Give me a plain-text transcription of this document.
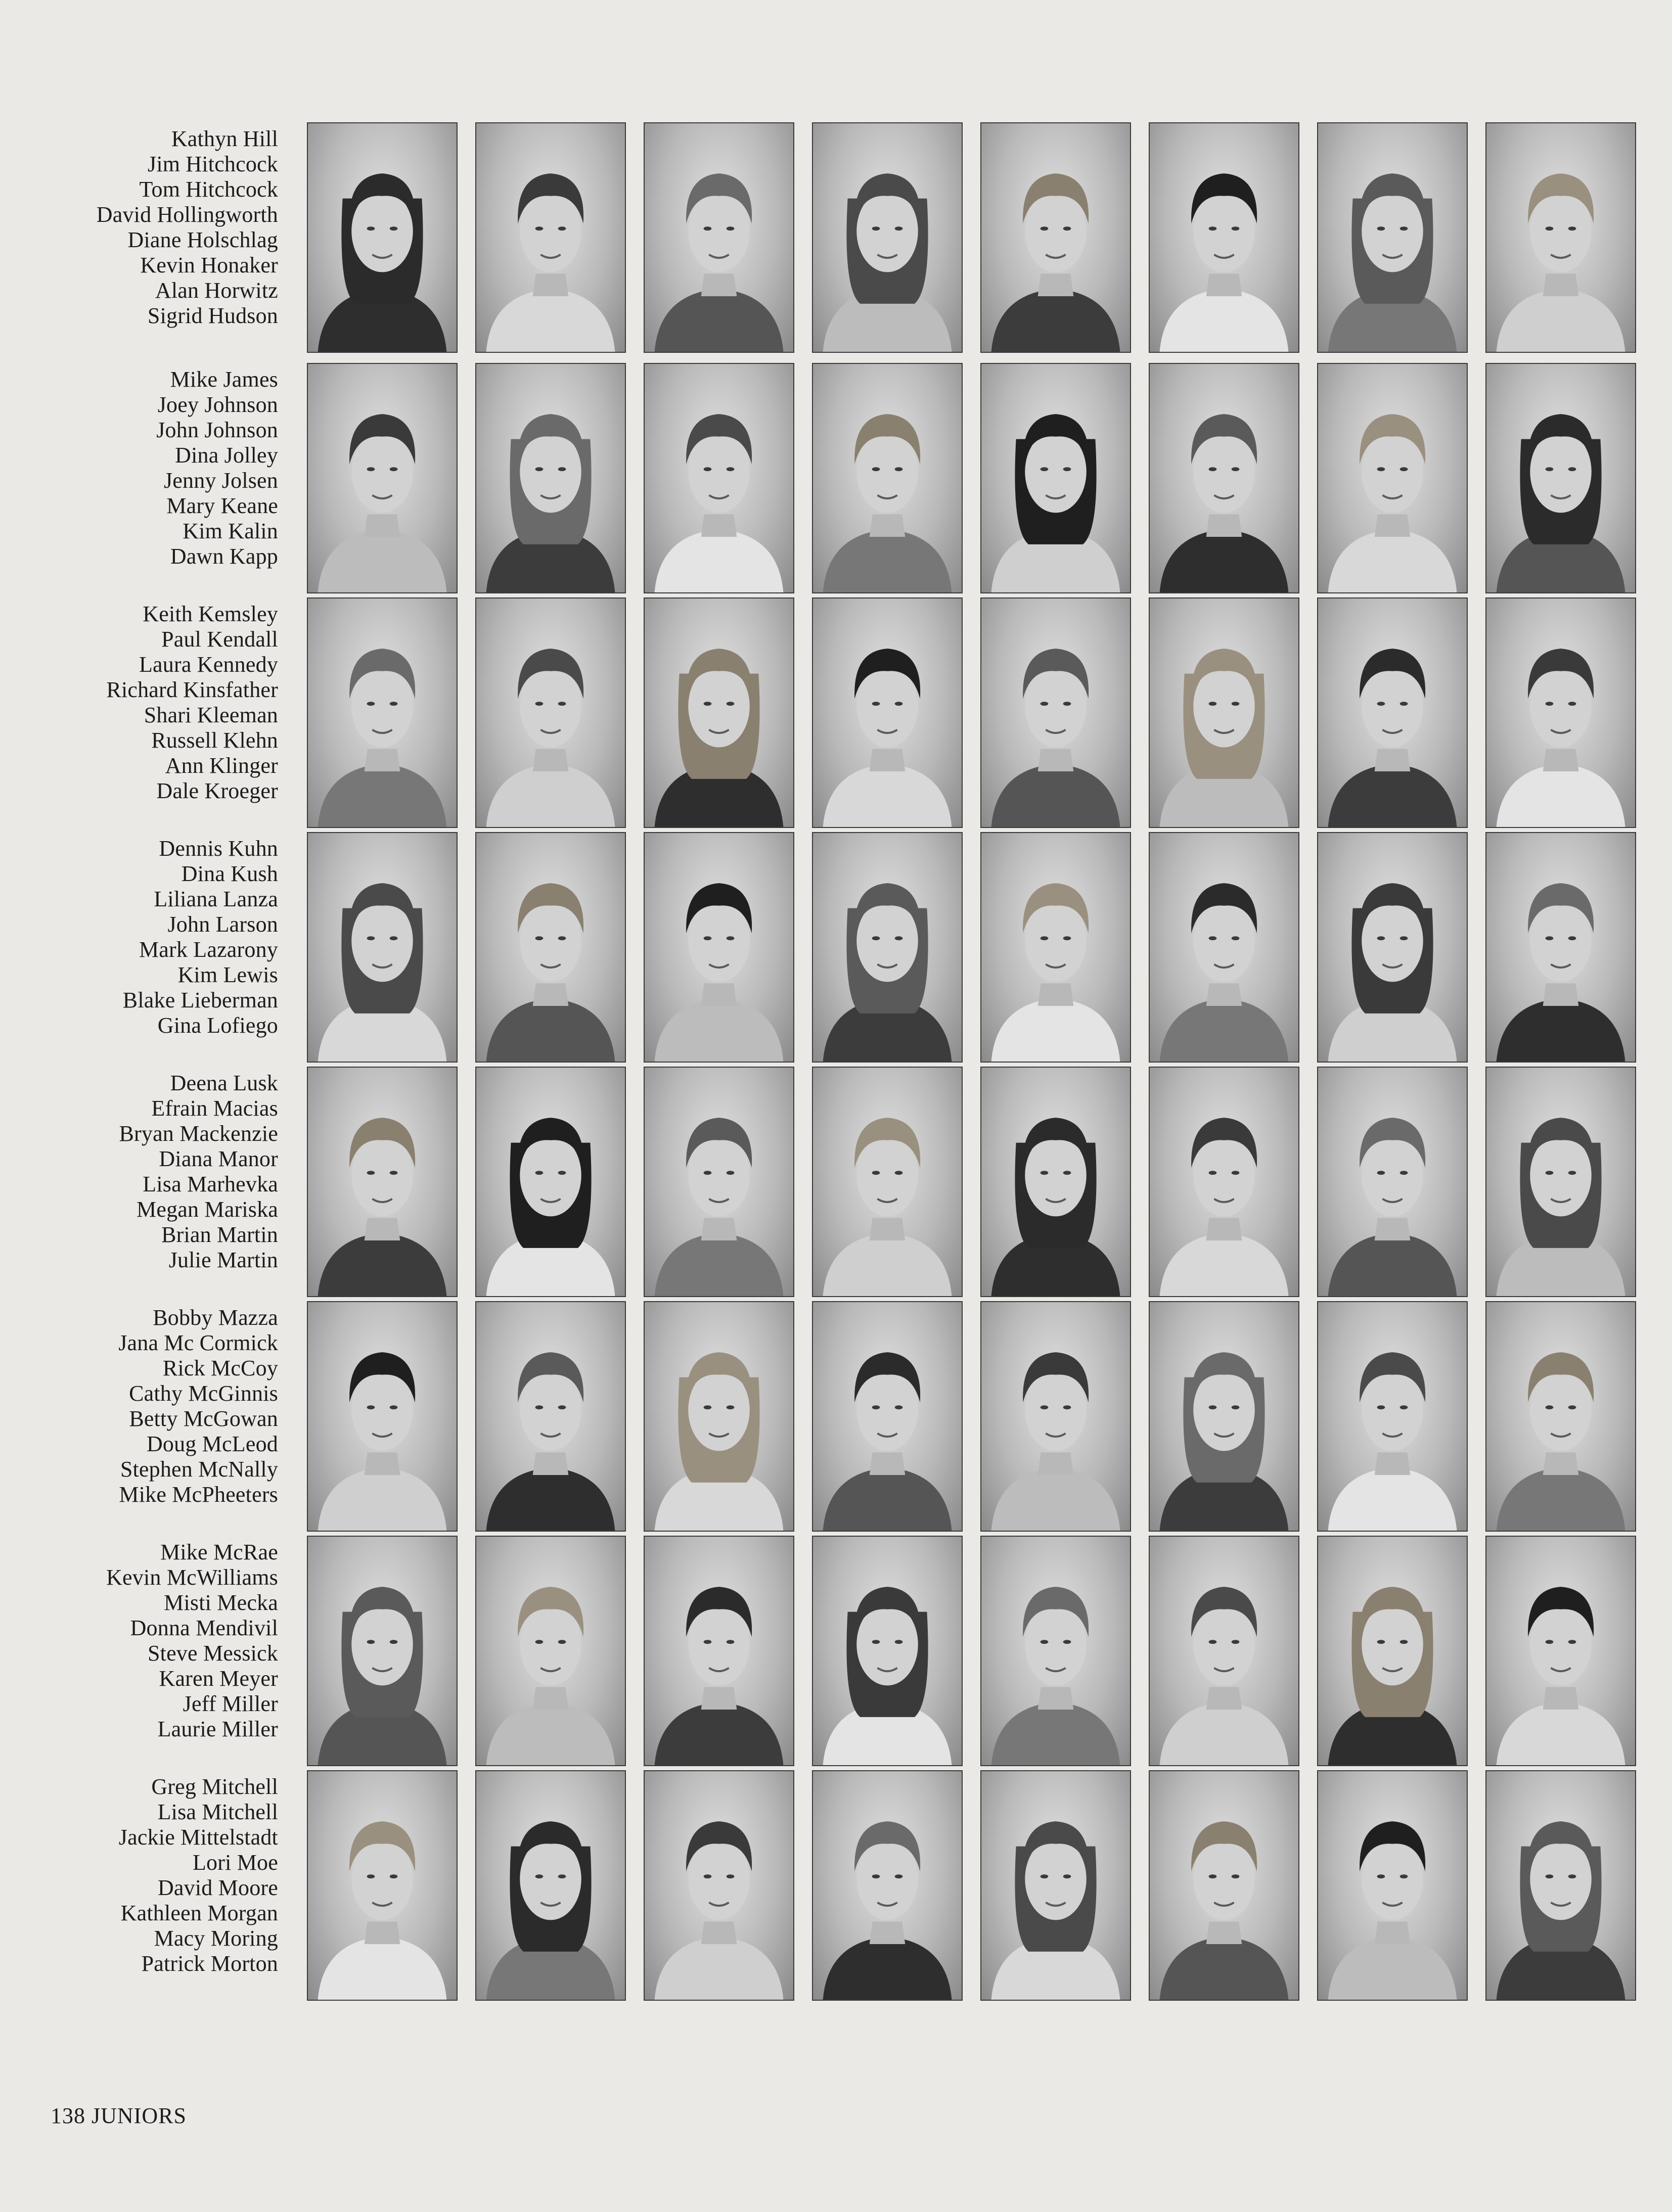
Kathyn Hill
Jim Hitchcock
Tom Hitchcock
David Hollingworth
Diane Holschlag
Kevin Honaker
Alan Horwitz
Sigrid Hudson
Mike James
Joey Johnson
John Johnson
Dina Jolley
Jenny Jolsen
Mary Keane
Kim Kalin
Dawn Kapp
Keith Kemsley
Paul Kendall
Laura Kennedy
Richard Kinsfather
Shari Kleeman
Russell Klehn
Ann Klinger
Dale Kroeger
Dennis Kuhn
Dina Kush
Liliana Lanza
John Larson
Mark Lazarony
Kim Lewis
Blake Lieberman
Gina Lofiego
Deena Lusk
Efrain Macias
Bryan Mackenzie
Diana Manor
Lisa Marhevka
Megan Mariska
Brian Martin
Julie Martin
Bobby Mazza
Jana Mc Cormick
Rick McCoy
Cathy McGinnis
Betty McGowan
Doug McLeod
Stephen McNally
Mike McPheeters
Mike McRae
Kevin McWilliams
Misti Mecka
Donna Mendivil
Steve Messick
Karen Meyer
Jeff Miller
Laurie Miller
Greg Mitchell
Lisa Mitchell
Jackie Mittelstadt
Lori Moe
David Moore
Kathleen Morgan
Macy Moring
Patrick Morton
138 JUNIORS
